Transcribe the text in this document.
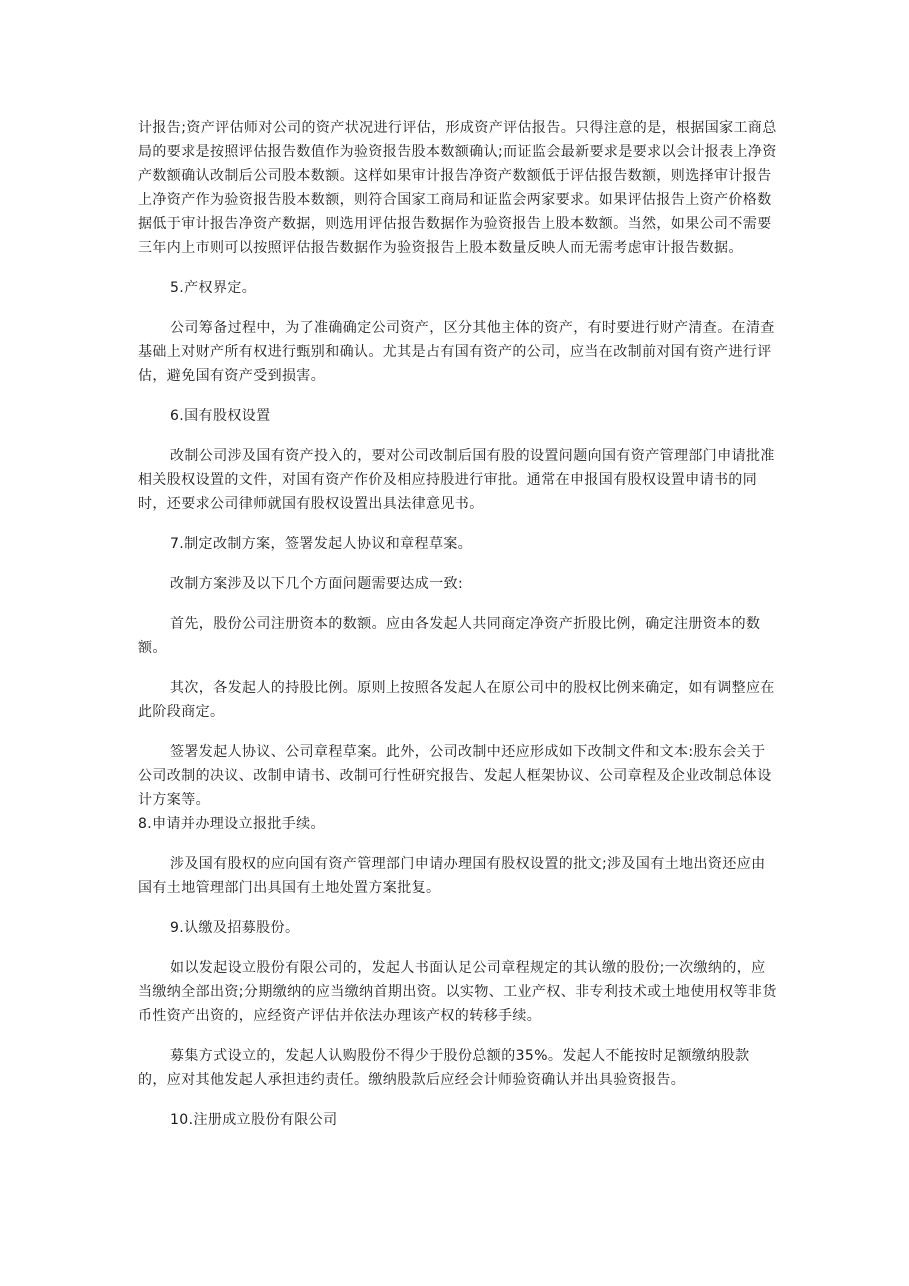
计报告;资产评估师对公司的资产状况进行评估，形成资产评估报告。只得注意的是，根据国家工商总局的要求是按照评估报告数值作为验资报告股本数额确认;而证监会最新要求是要求以会计报表上净资产数额确认改制后公司股本数额。这样如果审计报告净资产数额低于评估报告数额，则选择审计报告上净资产作为验资报告股本数额，则符合国家工商局和证监会两家要求。如果评估报告上资产价格数据低于审计报告净资产数据，则选用评估报告数据作为验资报告上股本数额。当然，如果公司不需要三年内上市则可以按照评估报告数据作为验资报告上股本数量反映人而无需考虑审计报告数据。

5.产权界定。

公司筹备过程中，为了准确确定公司资产，区分其他主体的资产，有时要进行财产清查。在清查基础上对财产所有权进行甄别和确认。尤其是占有国有资产的公司，应当在改制前对国有资产进行评估，避免国有资产受到损害。

6.国有股权设置

改制公司涉及国有资产投入的，要对公司改制后国有股的设置问题向国有资产管理部门申请批准相关股权设置的文件，对国有资产作价及相应持股进行审批。通常在申报国有股权设置申请书的同时，还要求公司律师就国有股权设置出具法律意见书。

7.制定改制方案，签署发起人协议和章程草案。

改制方案涉及以下几个方面问题需要达成一致:

首先，股份公司注册资本的数额。应由各发起人共同商定净资产折股比例，确定注册资本的数额。

其次，各发起人的持股比例。原则上按照各发起人在原公司中的股权比例来确定，如有调整应在此阶段商定。

签署发起人协议、公司章程草案。此外，公司改制中还应形成如下改制文件和文本:股东会关于公司改制的决议、改制申请书、改制可行性研究报告、发起人框架协议、公司章程及企业改制总体设计方案等。

8.申请并办理设立报批手续。

涉及国有股权的应向国有资产管理部门申请办理国有股权设置的批文;涉及国有土地出资还应由国有土地管理部门出具国有土地处置方案批复。

9.认缴及招募股份。

如以发起设立股份有限公司的，发起人书面认足公司章程规定的其认缴的股份;一次缴纳的，应当缴纳全部出资;分期缴纳的应当缴纳首期出资。以实物、工业产权、非专利技术或土地使用权等非货币性资产出资的，应经资产评估并依法办理该产权的转移手续。

募集方式设立的，发起人认购股份不得少于股份总额的35%。发起人不能按时足额缴纳股款的，应对其他发起人承担违约责任。缴纳股款后应经会计师验资确认并出具验资报告。

10.注册成立股份有限公司
